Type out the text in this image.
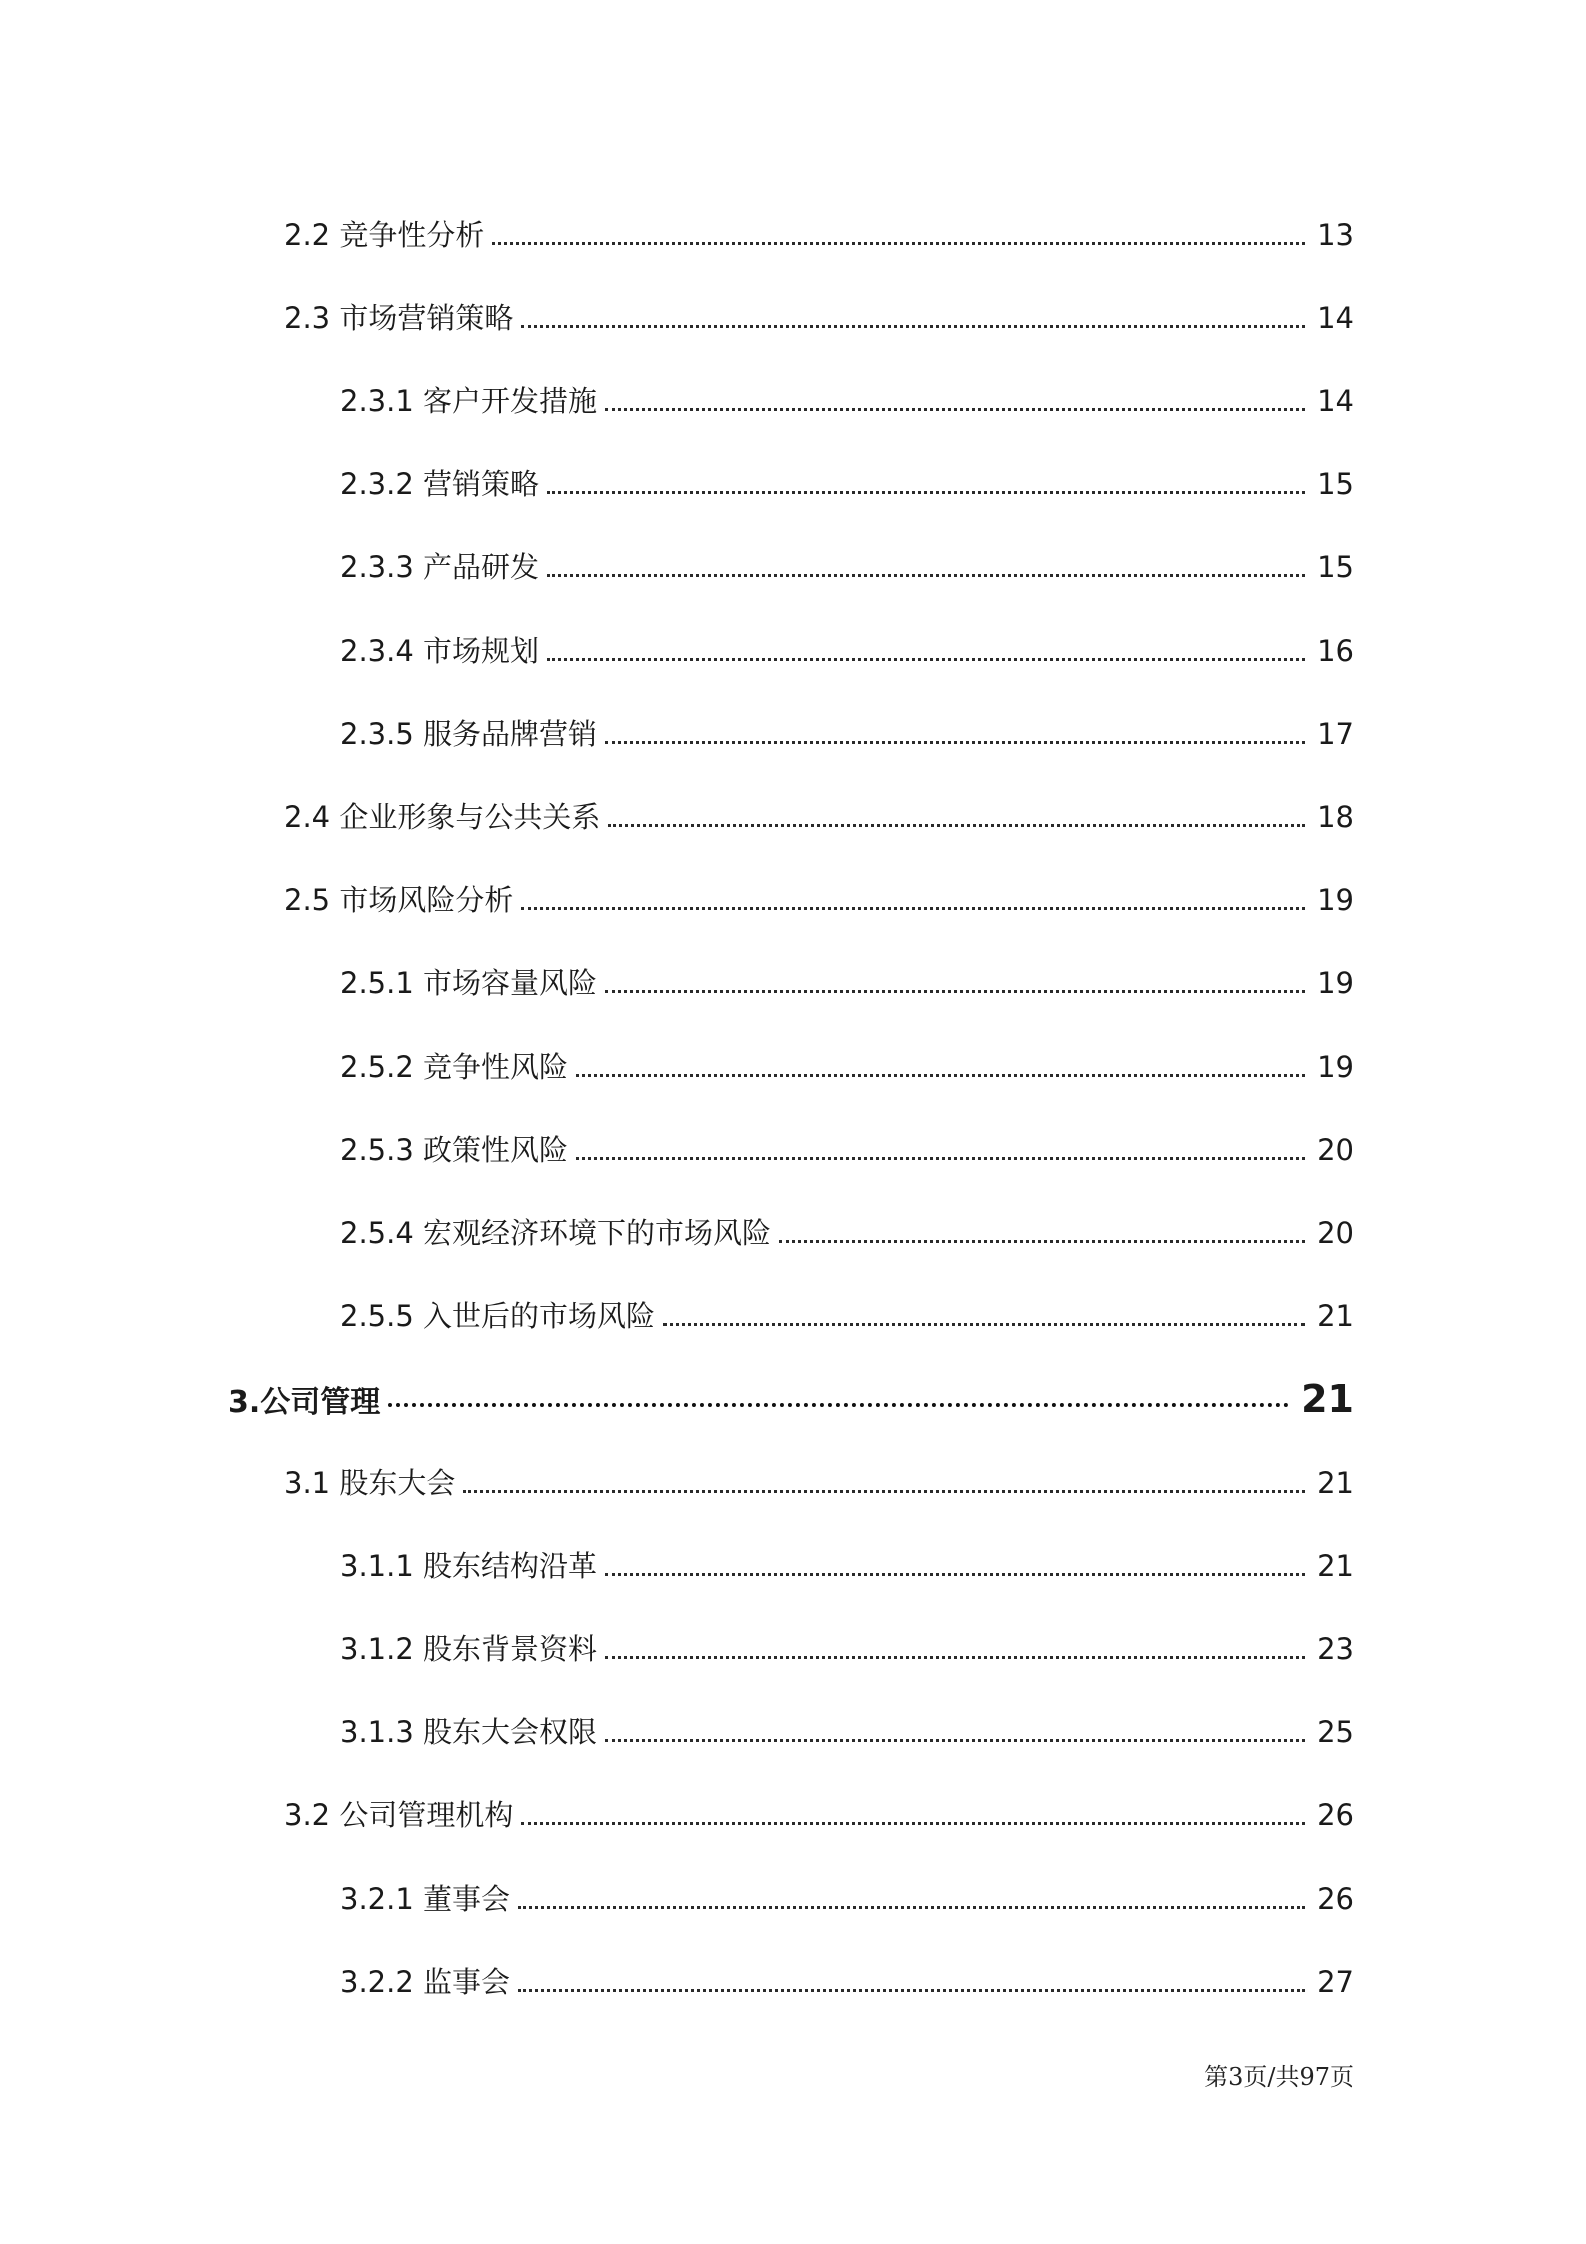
2.2 竞争性分析	13
2.3 市场营销策略	14
2.3.1 客户开发措施	14
2.3.2 营销策略	15
2.3.3 产品研发	15
2.3.4 市场规划	16
2.3.5 服务品牌营销	17
2.4 企业形象与公共关系	18
2.5 市场风险分析	19
2.5.1 市场容量风险	19
2.5.2 竞争性风险	19
2.5.3 政策性风险	20
2.5.4 宏观经济环境下的市场风险	20
2.5.5 入世后的市场风险	21
3.公司管理	21
3.1 股东大会	21
3.1.1 股东结构沿革	21
3.1.2 股东背景资料	23
3.1.3 股东大会权限	25
3.2 公司管理机构	26
3.2.1 董事会	26
3.2.2 监事会	27
第3页/共97页
